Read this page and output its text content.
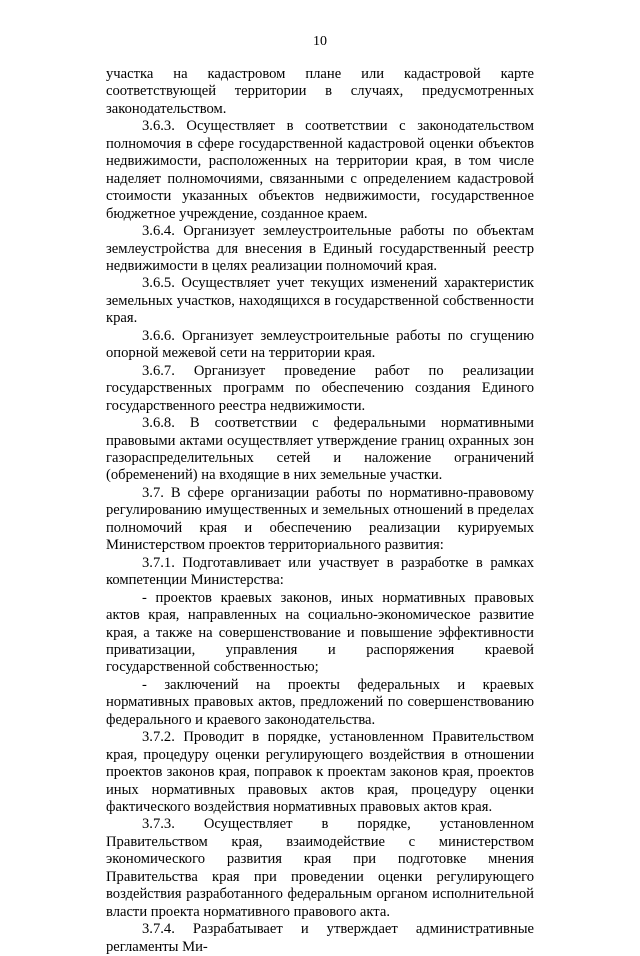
10

участка на кадастровом плане или кадастровой карте соответствующей территории в случаях, предусмотренных законодательством.

3.6.3. Осуществляет в соответствии с законодательством полномочия в сфере государственной кадастровой оценки объектов недвижимости, расположенных на территории края, в том числе наделяет полномочиями, связанными с определением кадастровой стоимости указанных объектов недвижимости, государственное бюджетное учреждение, созданное краем.

3.6.4. Организует землеустроительные работы по объектам землеустройства для внесения в Единый государственный реестр недвижимости в целях реализации полномочий края.

3.6.5. Осуществляет учет текущих изменений характеристик земельных участков, находящихся в государственной собственности края.

3.6.6. Организует землеустроительные работы по сгущению опорной межевой сети на территории края.

3.6.7. Организует проведение работ по реализации государственных программ по обеспечению создания Единого государственного реестра недвижимости.

3.6.8. В соответствии с федеральными нормативными правовыми актами осуществляет утверждение границ охранных зон газораспределительных сетей и наложение ограничений (обременений) на входящие в них земельные участки.

3.7. В сфере организации работы по нормативно-правовому регулированию имущественных и земельных отношений в пределах полномочий края и обеспечению реализации курируемых Министерством проектов территориального развития:

3.7.1. Подготавливает или участвует в разработке в рамках компетенции Министерства:

- проектов краевых законов, иных нормативных правовых актов края, направленных на социально-экономическое развитие края, а также на совершенствование и повышение эффективности приватизации, управления и распоряжения краевой государственной собственностью;

- заключений на проекты федеральных и краевых нормативных правовых актов, предложений по совершенствованию федерального и краевого законодательства.

3.7.2. Проводит в порядке, установленном Правительством края, процедуру оценки регулирующего воздействия в отношении проектов законов края, поправок к проектам законов края, проектов иных нормативных правовых актов края, процедуру оценки фактического воздействия нормативных правовых актов края.

3.7.3. Осуществляет в порядке, установленном Правительством края, взаимодействие с министерством экономического развития края при подготовке мнения Правительства края при проведении оценки регулирующего воздействия разработанного федеральным органом исполнительной власти проекта нормативного правового акта.

3.7.4. Разрабатывает и утверждает административные регламенты Ми-
